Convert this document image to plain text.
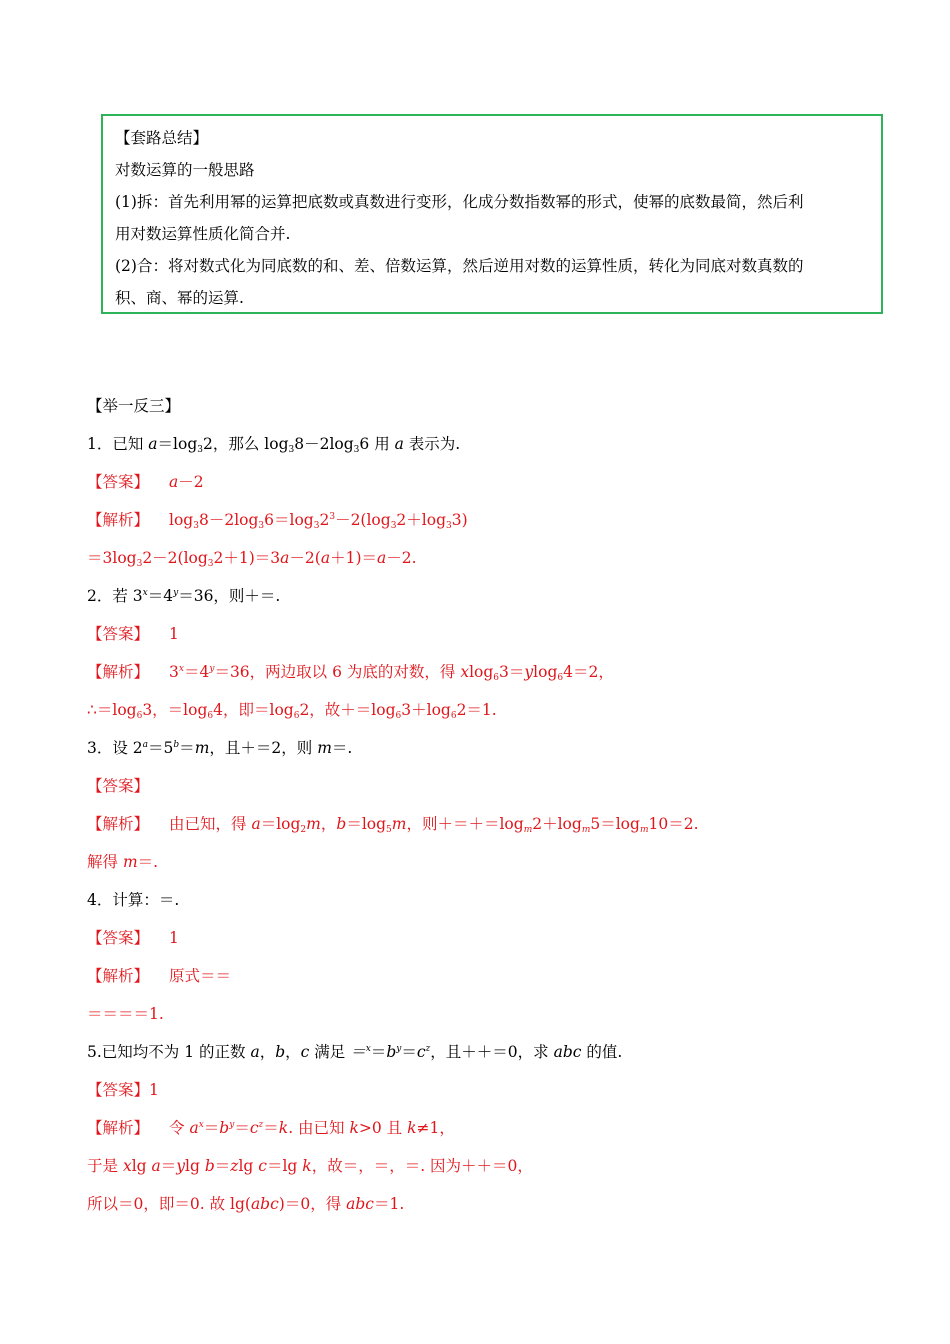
【套路总结】
对数运算的一般思路
(1)拆：首先利用幂的运算把底数或真数进行变形，化成分数指数幂的形式，使幂的底数最简，然后利
用对数运算性质化简合并.
(2)合：将对数式化为同底数的和、差、倍数运算，然后逆用对数的运算性质，转化为同底对数真数的
积、商、幂的运算.
【举一反三】
1．已知 $a=\log_32$，那么 $\log_38-2\log_36$ 用 a 表示为.
【答案】 a－2
【解析】 $\log_38-2\log_36=\log_32^3-2(\log_32+\log_33)$
$=3\log_32-2(\log_32+1)=3a-2(a+1)=a-2$.
2．若 $3^x=4^y=36$，则＋＝.
【答案】 1
【解析】 $3^x=4^y=36$，两边取以 6 为底的对数，得 xlog$_6$3＝ylog$_6$4＝2，
$\therefore=\log_63$，$=\log_64$，即$=\log_62$，故$+=\log_63+\log_62=1$.
3．设 $2^a=5^b=m$，且＋＝2，则 m＝.
【答案】
【解析】 由已知，得 $a=\log_2m$，$b=\log_5m$，则$+=+=\log_m2+\log_m5=\log_m10=2$.
解得 m＝.
4．计算：＝.
【答案】 1
【解析】 原式＝＝
＝＝＝＝1.
5.已知均不为 1 的正数 a，b，c 满足 $=^x=b^y=c^z$，且＋＋＝0，求 abc 的值.
【答案】1
【解析】 令 $a^x=b^y=c^z=k$. 由已知 k>0 且 k≠1，
于是 xlg a＝ylg b＝zlg c＝lg k，故＝，＝，＝. 因为＋＋＝0，
所以＝0，即＝0. 故 lg(abc)＝0，得 abc＝1.
